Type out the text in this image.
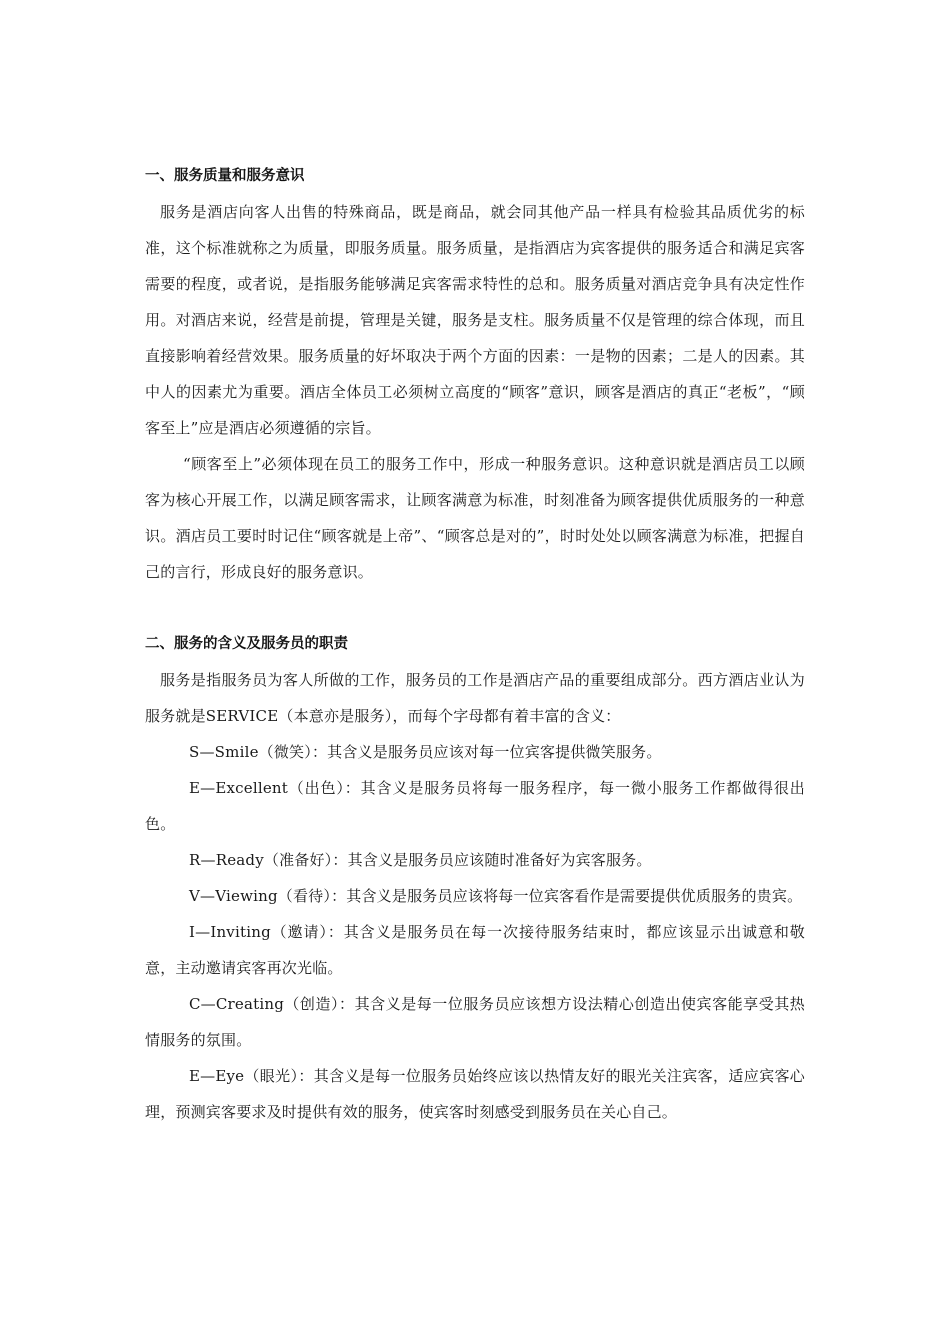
一、服务质量和服务意识

服务是酒店向客人出售的特殊商品，既是商品，就会同其他产品一样具有检验其品质优劣的标准，这个标准就称之为质量，即服务质量。服务质量，是指酒店为宾客提供的服务适合和满足宾客需要的程度，或者说，是指服务能够满足宾客需求特性的总和。服务质量对酒店竞争具有决定性作用。对酒店来说，经营是前提，管理是关键，服务是支柱。服务质量不仅是管理的综合体现，而且直接影响着经营效果。服务质量的好坏取决于两个方面的因素：一是物的因素；二是人的因素。其中人的因素尤为重要。酒店全体员工必须树立高度的“顾客”意识，顾客是酒店的真正“老板”，“顾客至上”应是酒店必须遵循的宗旨。

“顾客至上”必须体现在员工的服务工作中，形成一种服务意识。这种意识就是酒店员工以顾客为核心开展工作，以满足顾客需求，让顾客满意为标准，时刻准备为顾客提供优质服务的一种意识。酒店员工要时时记住“顾客就是上帝”、“顾客总是对的”，时时处处以顾客满意为标准，把握自己的言行，形成良好的服务意识。

二、服务的含义及服务员的职责

服务是指服务员为客人所做的工作，服务员的工作是酒店产品的重要组成部分。西方酒店业认为服务就是SERVICE（本意亦是服务），而每个字母都有着丰富的含义：

S—Smile（微笑）：其含义是服务员应该对每一位宾客提供微笑服务。

E—Excellent（出色）：其含义是服务员将每一服务程序，每一微小服务工作都做得很出色。

R—Ready（准备好）：其含义是服务员应该随时准备好为宾客服务。

V—Viewing（看待）：其含义是服务员应该将每一位宾客看作是需要提供优质服务的贵宾。

I—Inviting（邀请）：其含义是服务员在每一次接待服务结束时，都应该显示出诚意和敬意，主动邀请宾客再次光临。

C—Creating（创造）：其含义是每一位服务员应该想方设法精心创造出使宾客能享受其热情服务的氛围。

E—Eye（眼光）：其含义是每一位服务员始终应该以热情友好的眼光关注宾客，适应宾客心理，预测宾客要求及时提供有效的服务，使宾客时刻感受到服务员在关心自己。
